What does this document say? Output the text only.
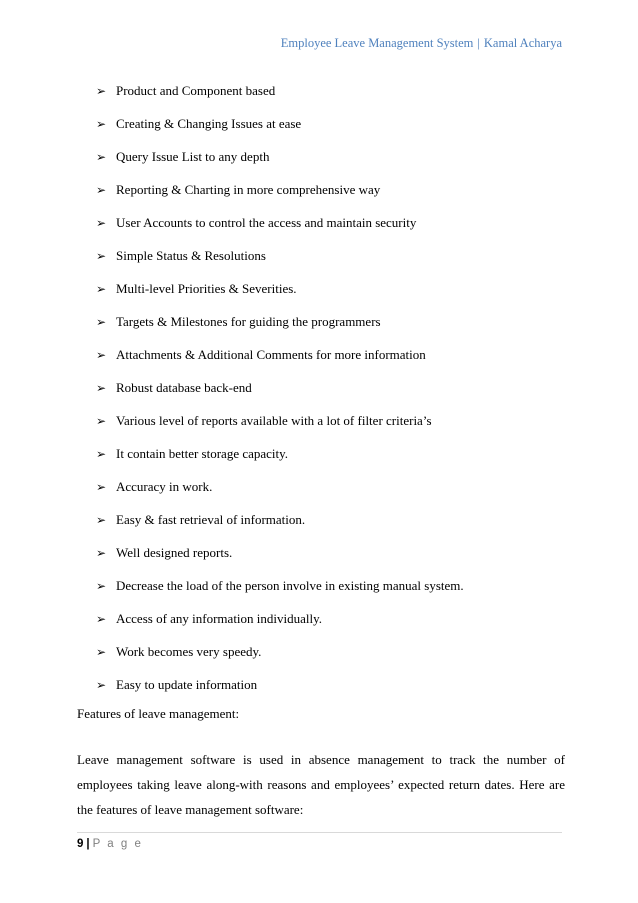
Employee Leave Management System | Kamal Acharya
➢ Product and Component based
➢ Creating & Changing Issues at ease
➢ Query Issue List to any depth
➢ Reporting & Charting in more comprehensive way
➢ User Accounts to control the access and maintain security
➢ Simple Status & Resolutions
➢ Multi-level Priorities & Severities.
➢ Targets & Milestones for guiding the programmers
➢ Attachments & Additional Comments for more information
➢ Robust database back-end
➢ Various level of reports available with a lot of filter criteria’s
➢ It contain better storage capacity.
➢ Accuracy in work.
➢ Easy & fast retrieval of information.
➢ Well designed reports.
➢ Decrease the load of the person involve in existing manual system.
➢ Access of any information individually.
➢ Work becomes very speedy.
➢ Easy to update information
Features of leave management:

Leave management software is used in absence management to track the number of employees taking leave along-with reasons and employees’ expected return dates. Here are the features of leave management software:

9 | P a g e
